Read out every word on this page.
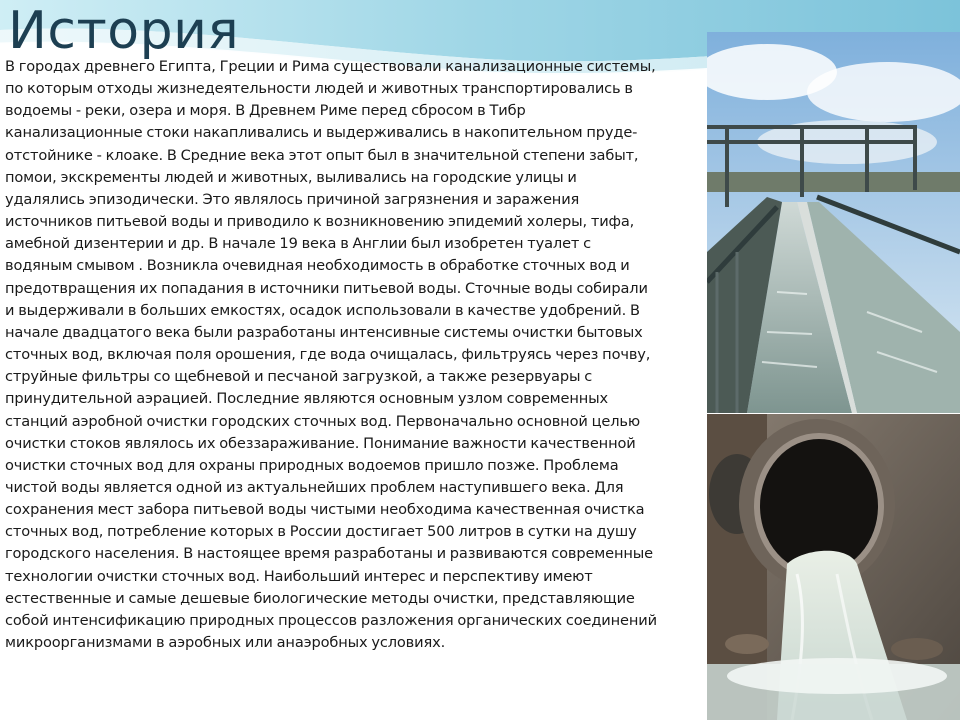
История

В городах древнего Египта, Греции и Рима существовали канализационные системы,
по которым отходы жизнедеятельности людей и животных транспортировались в
водоемы - реки, озера и моря. В Древнем Риме перед сбросом в Тибр
канализационные стоки накапливались и выдерживались в накопительном пруде-
отстойнике - клоаке. В Средние века этот опыт был в значительной степени забыт,
помои, экскременты людей и животных, выливались на городские улицы и
удалялись эпизодически. Это являлось причиной загрязнения и заражения
источников питьевой воды и приводило к возникновению эпидемий холеры, тифа,
амебной дизентерии и др. В начале 19 века в Англии был изобретен туалет с
водяным смывом . Возникла очевидная необходимость в обработке сточных вод и
предотвращения их попадания в источники питьевой воды. Сточные воды собирали
и выдерживали в больших емкостях, осадок использовали в качестве удобрений. В
начале двадцатого века были разработаны интенсивные системы очистки бытовых
сточных вод, включая поля орошения, где вода очищалась, фильтруясь через почву,
струйные фильтры со щебневой и песчаной загрузкой, а также резервуары с
принудительной аэрацией. Последние являются основным узлом современных
станций аэробной очистки городских сточных вод. Первоначально основной целью
очистки стоков являлось их обеззараживание. Понимание важности качественной
очистки сточных вод для охраны природных водоемов пришло позже. Проблема
чистой воды является одной из актуальнейших проблем наступившего века. Для
сохранения мест забора питьевой воды чистыми необходима качественная очистка
сточных вод, потребление которых в России достигает 500 литров в сутки на душу
городского населения. В настоящее время разработаны и развиваются современные
технологии очистки сточных вод. Наибольший интерес и перспективу имеют
естественные и самые дешевые биологические методы очистки, представляющие
собой интенсификацию природных процессов разложения органических соединений
микроорганизмами в аэробных или анаэробных условиях.
